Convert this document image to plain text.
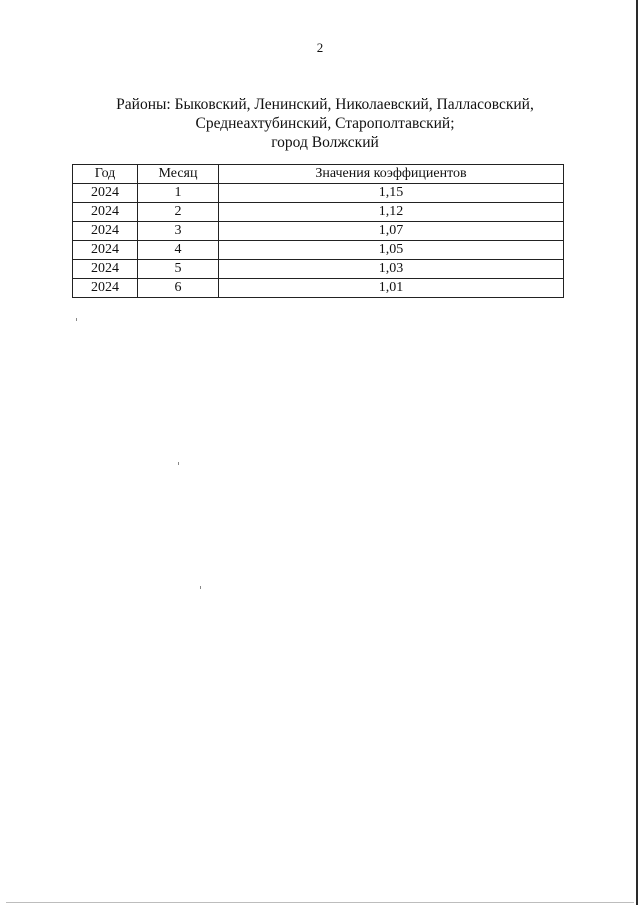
2
Районы: Быковский, Ленинский, Николаевский, Палласовский,
Среднеахтубинский, Старополтавский;
город Волжский
Год	Месяц	Значения коэффициентов
2024	1	1,15
2024	2	1,12
2024	3	1,07
2024	4	1,05
2024	5	1,03
2024	6	1,01
